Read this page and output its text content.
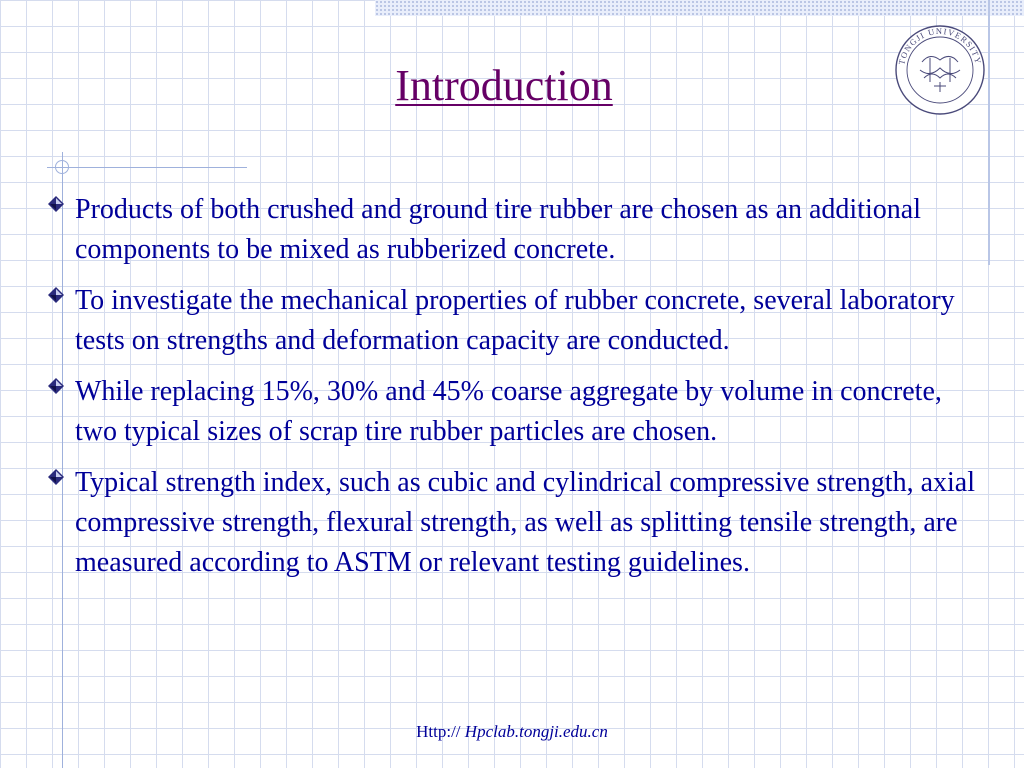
Introduction	TONGJI UNIVERSITY
Products of both crushed and ground tire rubber are chosen as an additional components to be mixed as rubberized concrete.
To investigate the mechanical properties of rubber concrete, several laboratory tests on strengths and deformation capacity are conducted.
While replacing 15%, 30% and 45% coarse aggregate by volume in concrete, two typical sizes of scrap tire rubber particles are chosen.
Typical strength index, such as cubic and cylindrical compressive strength, axial compressive strength, flexural strength, as well as splitting tensile strength, are measured according to ASTM or relevant testing guidelines.
Http:// Hpclab.tongji.edu.cn
